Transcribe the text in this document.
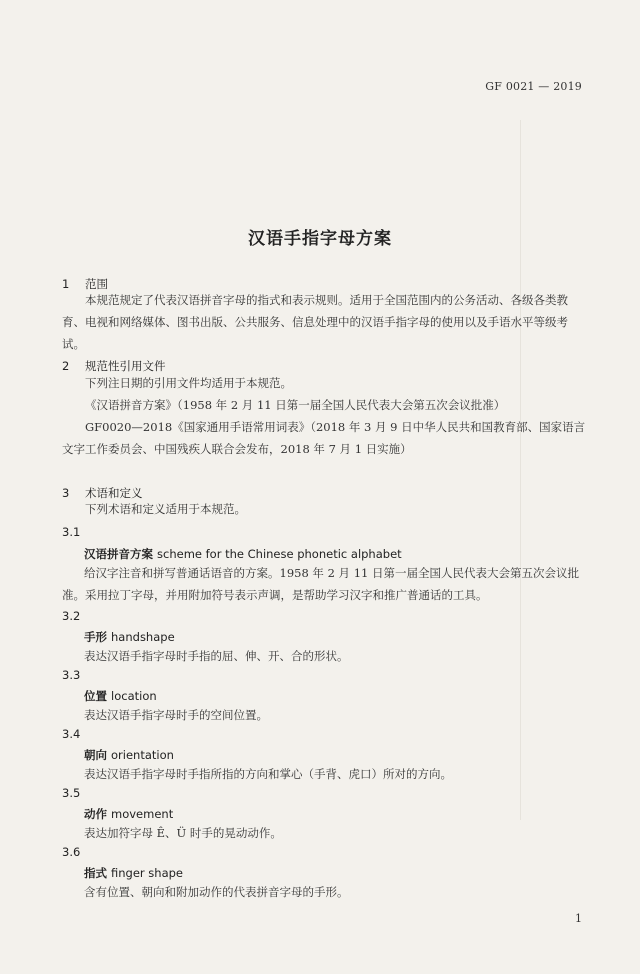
GF 0021 — 2019
汉语手指字母方案
1 范围
本规范规定了代表汉语拼音字母的指式和表示规则。适用于全国范围内的公务活动、各级各类教育、电视和网络媒体、图书出版、公共服务、信息处理中的汉语手指字母的使用以及手语水平等级考试。
2 规范性引用文件
下列注日期的引用文件均适用于本规范。
《汉语拼音方案》（1958 年 2 月 11 日第一届全国人民代表大会第五次会议批准）
GF0020—2018《国家通用手语常用词表》（2018 年 3 月 9 日中华人民共和国教育部、国家语言文字工作委员会、中国残疾人联合会发布，2018 年 7 月 1 日实施）
3 术语和定义
下列术语和定义适用于本规范。
3.1
汉语拼音方案 scheme for the Chinese phonetic alphabet
给汉字注音和拼写普通话语音的方案。1958 年 2 月 11 日第一届全国人民代表大会第五次会议批准。采用拉丁字母，并用附加符号表示声调，是帮助学习汉字和推广普通话的工具。
3.2
手形 handshape
表达汉语手指字母时手指的屈、伸、开、合的形状。
3.3
位置 location
表达汉语手指字母时手的空间位置。
3.4
朝向 orientation
表达汉语手指字母时手指所指的方向和掌心（手背、虎口）所对的方向。
3.5
动作 movement
表达加符字母 Ê、Ü 时手的晃动动作。
3.6
指式 finger shape
含有位置、朝向和附加动作的代表拼音字母的手形。
1
